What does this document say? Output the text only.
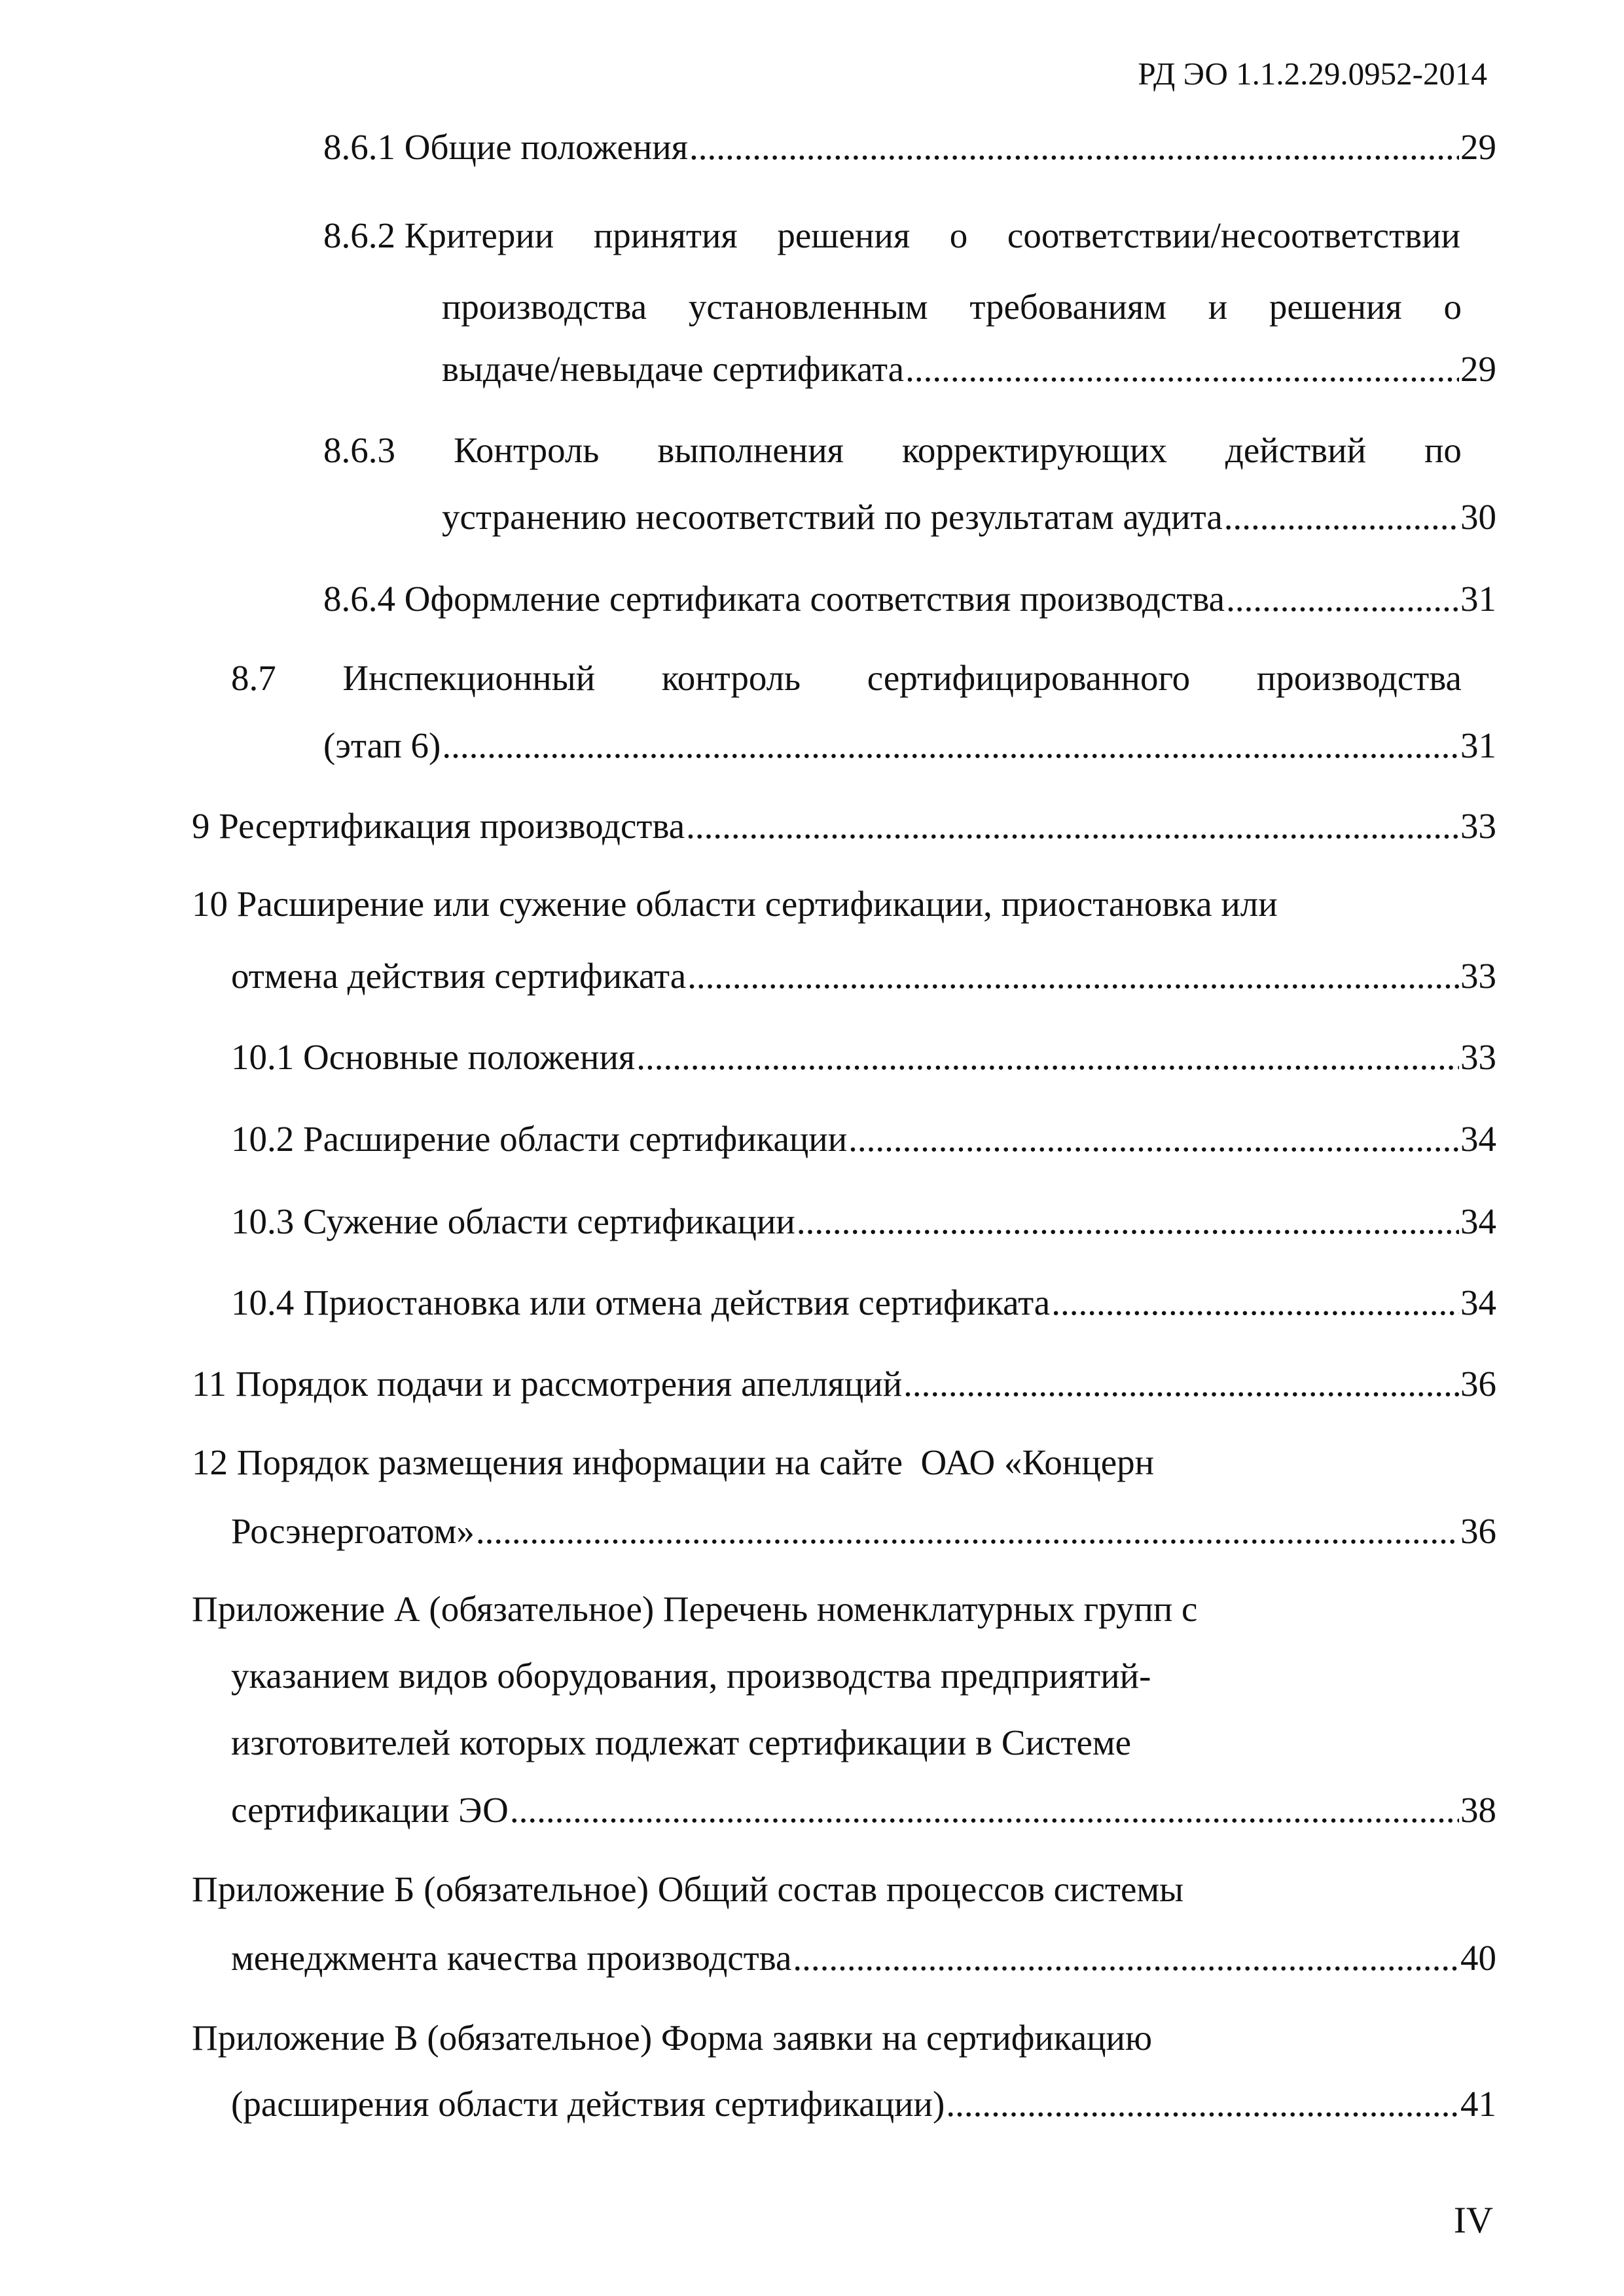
РД ЭО 1.1.2.29.0952-2014
8.6.1 Общие положения .....	29
8.6.2 Критерии принятия решения о соответствии/несоответствии
производства установленным требованиям и решения о
выдаче/невыдаче сертификата .....	29
8.6.3 Контроль выполнения корректирующих действий по
устранению несоответствий по результатам аудита .....	30
8.6.4 Оформление сертификата соответствия производства .....	31
8.7 Инспекционный контроль сертифицированного производства
(этап 6) .....	31
9 Ресертификация производства .....	33
10 Расширение или сужение области сертификации, приостановка или
отмена действия сертификата .....	33
10.1 Основные положения .....	33
10.2 Расширение области сертификации .....	34
10.3 Сужение области сертификации .....	34
10.4 Приостановка или отмена действия сертификата .....	34
11 Порядок подачи и рассмотрения апелляций .....	36
12 Порядок размещения информации на сайте  ОАО «Концерн
Росэнергоатом» .....	36
Приложение А (обязательное) Перечень номенклатурных групп с
указанием видов оборудования, производства предприятий-
изготовителей которых подлежат сертификации в Системе
сертификации ЭО .....	38
Приложение Б (обязательное) Общий состав процессов системы
менеджмента качества производства .....	40
Приложение В (обязательное) Форма заявки на сертификацию
(расширения области действия сертификации) .....	41
IV
